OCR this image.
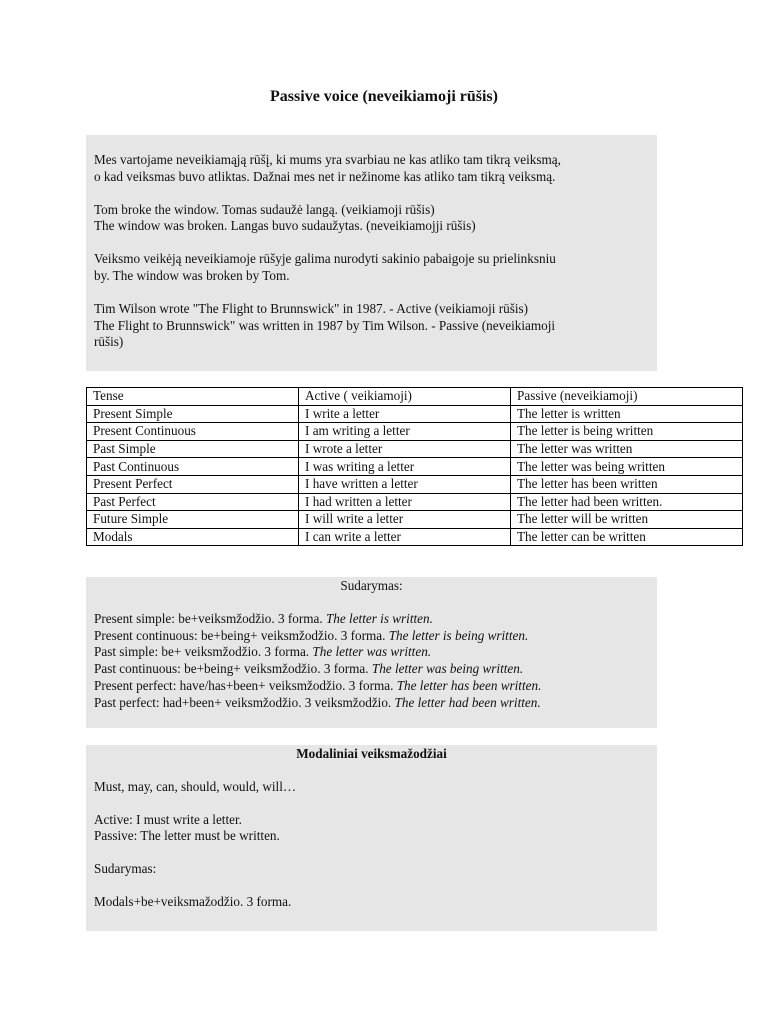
Passive voice (neveikiamoji rūšis)

Mes vartojame neveikiamąją rūšį, ki mums yra svarbiau ne kas atliko tam tikrą veiksmą,

o kad veiksmas buvo atliktas. Dažnai mes net ir nežinome kas atliko tam tikrą veiksmą.

Tom broke the window. Tomas sudaužė langą. (veikiamoji rūšis)

The window was broken. Langas buvo sudaužytas. (neveikiamojji rūšis)

Veiksmo veikėją neveikiamoje rūšyje galima nurodyti sakinio pabaigoje su prielinksniu

by. The window was broken by Tom.

Tim Wilson wrote "The Flight to Brunnswick" in 1987. - Active (veikiamoji rūšis)

The Flight to Brunnswick" was written in 1987 by Tim Wilson. - Passive (neveikiamoji

rūšis)

Tense	Active ( veikiamoji)	Passive (neveikiamoji)
Present Simple	I write a letter	The letter is written
Present Continuous	I am writing a letter	The letter is being written
Past Simple	I wrote a letter	The letter was written
Past Continuous	I was writing a letter	The letter was being written
Present Perfect	I have written a letter	The letter has been written
Past Perfect	I had written a letter	The letter had been written.
Future Simple	I will write a letter	The letter will be written
Modals	I can write a letter	The letter can be written

Sudarymas:

Present simple: be+veiksmžodžio. 3 forma. The letter is written.

Present continuous: be+being+ veiksmžodžio. 3 forma. The letter is being written.

Past simple: be+ veiksmžodžio. 3 forma. The letter was written.

Past continuous: be+being+ veiksmžodžio. 3 forma. The letter was being written.

Present perfect: have/has+been+ veiksmžodžio. 3 forma. The letter has been written.

Past perfect: had+been+ veiksmžodžio. 3 veiksmžodžio. The letter had been written.

Modaliniai veiksmažodžiai

Must, may, can, should, would, will…

Active: I must write a letter.

Passive: The letter must be written.

Sudarymas:

Modals+be+veiksmažodžio. 3 forma.
